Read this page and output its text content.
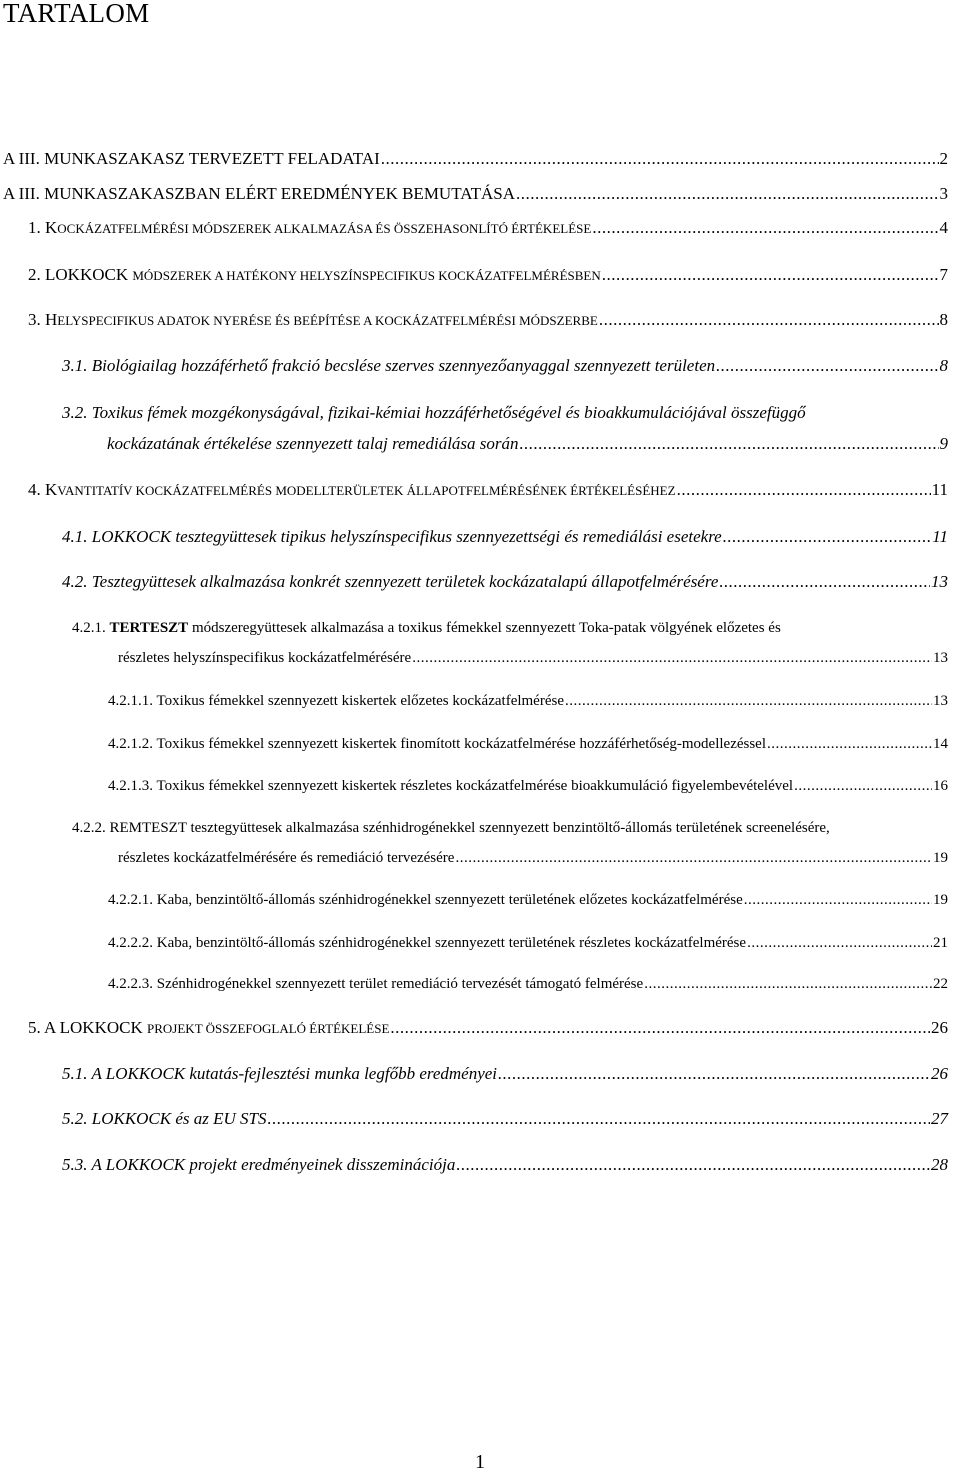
TARTALOM
A III. MUNKASZAKASZ TERVEZETT FELADATAI .....	2
A III. MUNKASZAKASZBAN ELÉRT EREDMÉNYEK BEMUTATÁSA .....	3
1. KOCKÁZATFELMÉRÉSI MÓDSZEREK ALKALMAZÁSA ÉS ÖSSZEHASONLÍTÓ ÉRTÉKELÉSE .....	4
2. LOKKOCK MÓDSZEREK A HATÉKONY HELYSZÍNSPECIFIKUS KOCKÁZATFELMÉRÉSBEN .....	7
3. HELYSPECIFIKUS ADATOK NYERÉSE ÉS BEÉPÍTÉSE A KOCKÁZATFELMÉRÉSI MÓDSZERBE .....	8
3.1. Biológiailag hozzáférhető frakció becslése szerves szennyezőanyaggal szennyezett területen .....	8
3.2. Toxikus fémek mozgékonyságával, fizikai-kémiai hozzáférhetőségével és bioakkumulációjával összefüggő
kockázatának értékelése szennyezett talaj remediálása során .....	9
4. KVANTITATÍV KOCKÁZATFELMÉRÉS MODELLTERÜLETEK ÁLLAPOTFELMÉRÉSÉNEK ÉRTÉKELÉSÉHEZ .....	11
4.1. LOKKOCK tesztegyüttesek tipikus helyszínspecifikus szennyezettségi és remediálási esetekre .....	11
4.2. Tesztegyüttesek alkalmazása konkrét szennyezett területek kockázatalapú állapotfelmérésére .....	13
4.2.1. TERTESZT módszeregyüttesek alkalmazása a toxikus fémekkel szennyezett Toka-patak völgyének előzetes és
részletes helyszínspecifikus kockázatfelmérésére .....	13
4.2.1.1. Toxikus fémekkel szennyezett kiskertek előzetes kockázatfelmérése .....	13
4.2.1.2. Toxikus fémekkel szennyezett kiskertek finomított kockázatfelmérése hozzáférhetőség-modellezéssel .....	14
4.2.1.3. Toxikus fémekkel szennyezett kiskertek részletes kockázatfelmérése bioakkumuláció figyelembevételével .....	16
4.2.2. REMTESZT tesztegyüttesek alkalmazása szénhidrogénekkel szennyezett benzintöltő-állomás területének screenelésére,
részletes kockázatfelmérésére és remediáció tervezésére .....	19
4.2.2.1. Kaba, benzintöltő-állomás szénhidrogénekkel szennyezett területének előzetes kockázatfelmérése .....	19
4.2.2.2. Kaba, benzintöltő-állomás szénhidrogénekkel szennyezett területének részletes kockázatfelmérése .....	21
4.2.2.3. Szénhidrogénekkel szennyezett terület remediáció tervezését támogató felmérése .....	22
5. A LOKKOCK PROJEKT ÖSSZEFOGLALÓ ÉRTÉKELÉSE .....	26
5.1. A LOKKOCK kutatás-fejlesztési munka legfőbb eredményei .....	26
5.2. LOKKOCK és az EU STS .....	27
5.3. A LOKKOCK projekt eredményeinek disszeminációja .....	28
1
